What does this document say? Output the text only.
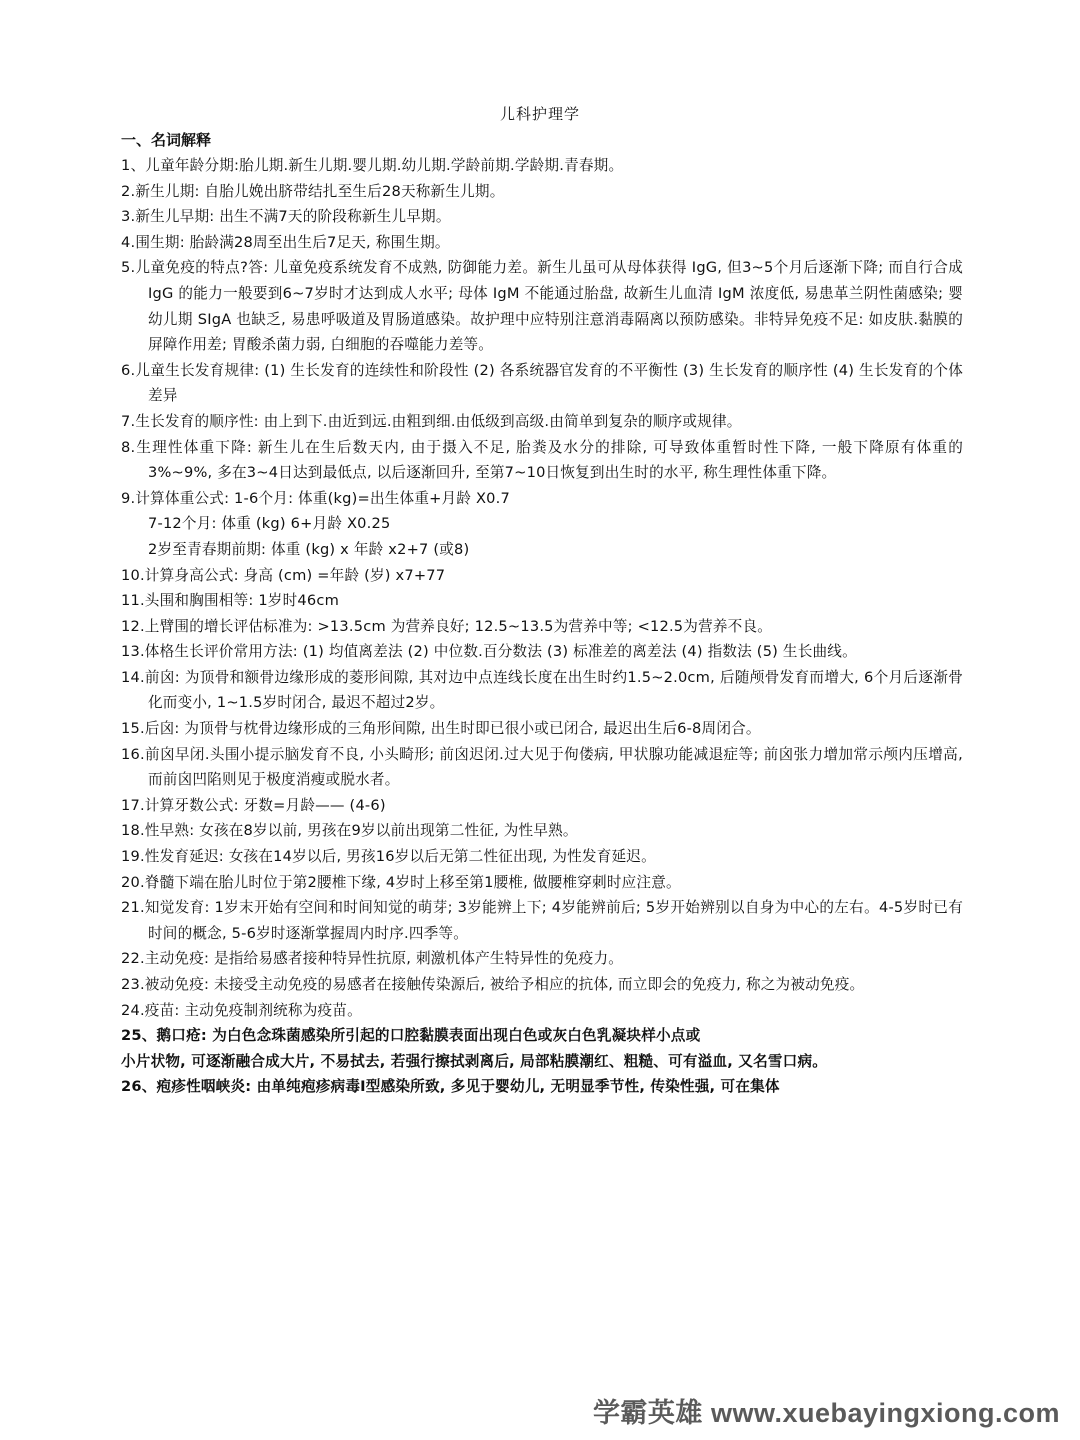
儿科护理学
一、名词解释
1、儿童年龄分期:胎儿期.新生儿期.婴儿期.幼儿期.学龄前期.学龄期.青春期。
2.新生儿期: 自胎儿娩出脐带结扎至生后28天称新生儿期。
3.新生儿早期: 出生不满7天的阶段称新生儿早期。
4.围生期: 胎龄满28周至出生后7足天, 称围生期。
5.儿童免疫的特点?答: 儿童免疫系统发育不成熟, 防御能力差。新生儿虽可从母体获得 IgG, 但3~5个月后逐渐下降; 而自行合成 IgG 的能力一般要到6~7岁时才达到成人水平; 母体 IgM 不能通过胎盘, 故新生儿血清 IgM 浓度低, 易患革兰阴性菌感染; 婴幼儿期 SIgA 也缺乏, 易患呼吸道及胃肠道感染。故护理中应特别注意消毒隔离以预防感染。非特异免疫不足: 如皮肤.黏膜的屏障作用差; 胃酸杀菌力弱, 白细胞的吞噬能力差等。
6.儿童生长发育规律: (1) 生长发育的连续性和阶段性 (2) 各系统器官发育的不平衡性 (3) 生长发育的顺序性 (4) 生长发育的个体差异
7.生长发育的顺序性: 由上到下.由近到远.由粗到细.由低级到高级.由简单到复杂的顺序或规律。
8.生理性体重下降: 新生儿在生后数天内, 由于摄入不足, 胎粪及水分的排除, 可导致体重暂时性下降, 一般下降原有体重的3%~9%, 多在3~4日达到最低点, 以后逐渐回升, 至第7~10日恢复到出生时的水平, 称生理性体重下降。
9.计算体重公式: 1-6个月: 体重(kg)=出生体重+月龄 X0.7
7-12个月: 体重 (kg) 6+月龄 X0.25
2岁至青春期前期: 体重 (kg) x 年龄 x2+7 (或8)
10.计算身高公式: 身高 (cm) =年龄 (岁) x7+77
11.头围和胸围相等: 1岁时46cm
12.上臂围的增长评估标准为: >13.5cm 为营养良好; 12.5~13.5为营养中等; <12.5为营养不良。
13.体格生长评价常用方法: (1) 均值离差法 (2) 中位数.百分数法 (3) 标准差的离差法 (4) 指数法 (5) 生长曲线。
14.前囟: 为顶骨和额骨边缘形成的菱形间隙, 其对边中点连线长度在出生时约1.5~2.0cm, 后随颅骨发育而增大, 6个月后逐渐骨化而变小, 1~1.5岁时闭合, 最迟不超过2岁。
15.后囟: 为顶骨与枕骨边缘形成的三角形间隙, 出生时即已很小或已闭合, 最迟出生后6-8周闭合。
16.前囟早闭.头围小提示脑发育不良, 小头畸形; 前囟迟闭.过大见于佝偻病, 甲状腺功能减退症等; 前囟张力增加常示颅内压增高, 而前囟凹陷则见于极度消瘦或脱水者。
17.计算牙数公式: 牙数=月龄—— (4-6)
18.性早熟: 女孩在8岁以前, 男孩在9岁以前出现第二性征, 为性早熟。
19.性发育延迟: 女孩在14岁以后, 男孩16岁以后无第二性征出现, 为性发育延迟。
20.脊髓下端在胎儿时位于第2腰椎下缘, 4岁时上移至第1腰椎, 做腰椎穿刺时应注意。
21.知觉发育: 1岁末开始有空间和时间知觉的萌芽; 3岁能辨上下; 4岁能辨前后; 5岁开始辨别以自身为中心的左右。4-5岁时已有时间的概念, 5-6岁时逐渐掌握周内时序.四季等。
22.主动免疫: 是指给易感者接种特异性抗原, 刺激机体产生特异性的免疫力。
23.被动免疫: 未接受主动免疫的易感者在接触传染源后, 被给予相应的抗体, 而立即会的免疫力, 称之为被动免疫。
24.疫苗: 主动免疫制剂统称为疫苗。
25、鹅口疮: 为白色念珠菌感染所引起的口腔黏膜表面出现白色或灰白色乳凝块样小点或
小片状物, 可逐渐融合成大片, 不易拭去, 若强行擦拭剥离后, 局部粘膜潮红、粗糙、可有溢血, 又名雪口病。
26、疱疹性咽峡炎: 由单纯疱疹病毒Ⅰ型感染所致, 多见于婴幼儿, 无明显季节性, 传染性强, 可在集体
学霸英雄 www.xuebayingxiong.com
